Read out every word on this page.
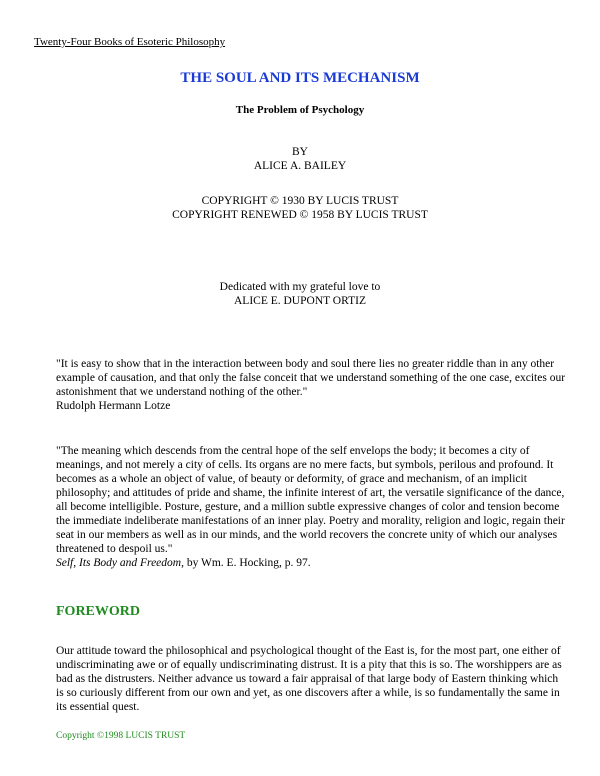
Twenty-Four Books of Esoteric Philosophy
THE SOUL AND ITS MECHANISM
The Problem of Psychology
BY
ALICE A. BAILEY
COPYRIGHT © 1930 BY LUCIS TRUST
COPYRIGHT RENEWED © 1958 BY LUCIS TRUST
Dedicated with my grateful love to
ALICE E. DUPONT ORTIZ

"It is easy to show that in the interaction between body and soul there lies no greater riddle than in any other example of causation, and that only the false conceit that we understand something of the one case, excites our astonishment that we understand nothing of the other."

Rudolph Hermann Lotze

"The meaning which descends from the central hope of the self envelops the body; it becomes a city of meanings, and not merely a city of cells. Its organs are no mere facts, but symbols, perilous and profound. It becomes as a whole an object of value, of beauty or deformity, of grace and mechanism, of an implicit philosophy; and attitudes of pride and shame, the infinite interest of art, the versatile significance of the dance, all become intelligible. Posture, gesture, and a million subtle expressive changes of color and tension become the immediate indeliberate manifestations of an inner play. Poetry and morality, religion and logic, regain their seat in our members as well as in our minds, and the world recovers the concrete unity of which our analyses threatened to despoil us."

Self, Its Body and Freedom, by Wm. E. Hocking, p. 97.

FOREWORD
Our attitude toward the philosophical and psychological thought of the East is, for the most part, one either of undiscriminating awe or of equally undiscriminating distrust. It is a pity that this is so. The worshippers are as bad as the distrusters. Neither advance us toward a fair appraisal of that large body of Eastern thinking which is so curiously different from our own and yet, as one discovers after a while, is so fundamentally the same in its essential quest.
Copyright ©1998 LUCIS TRUST
